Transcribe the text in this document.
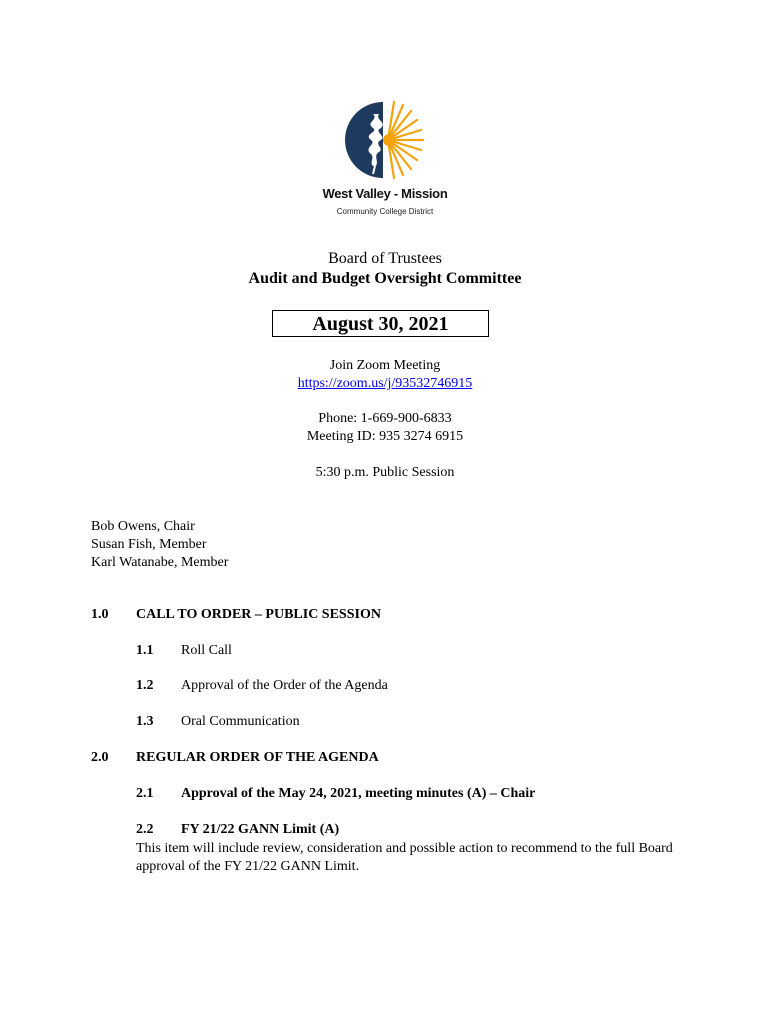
West Valley - Mission
Community College District
Board of Trustees
Audit and Budget Oversight Committee
August 30, 2021
Join Zoom Meeting
https://zoom.us/j/93532746915
Phone: 1-669-900-6833
Meeting ID: 935 3274 6915
5:30 p.m. Public Session
Bob Owens, Chair
Susan Fish, Member
Karl Watanabe, Member
1.0 CALL TO ORDER – PUBLIC SESSION
1.1 Roll Call
1.2 Approval of the Order of the Agenda
1.3 Oral Communication
2.0 REGULAR ORDER OF THE AGENDA
2.1 Approval of the May 24, 2021, meeting minutes (A) – Chair
2.2 FY 21/22 GANN Limit (A)
This item will include review, consideration and possible action to recommend to the full Board approval of the FY 21/22 GANN Limit.
